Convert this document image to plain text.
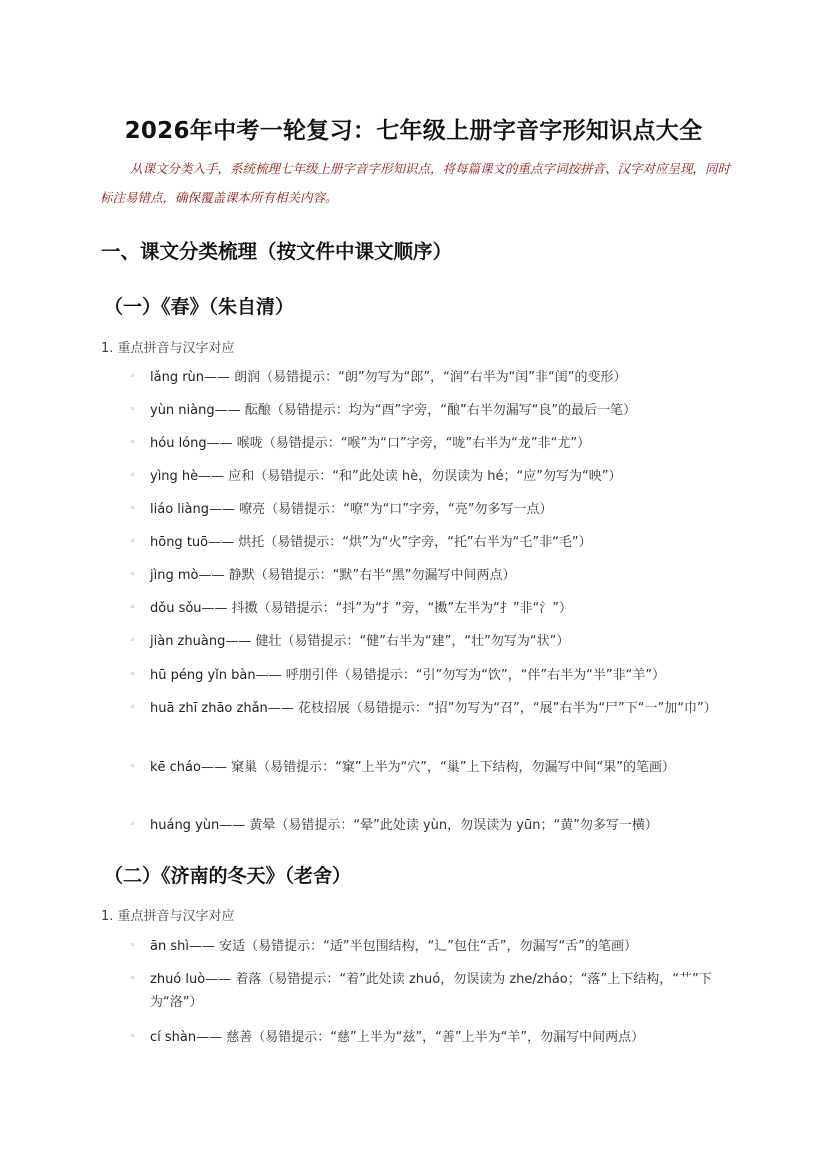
2026年中考一轮复习：七年级上册字音字形知识点大全
从课文分类入手，系统梳理七年级上册字音字形知识点，将每篇课文的重点字词按拼音、汉字对应呈现，同时标注易错点，确保覆盖课本所有相关内容。
一、课文分类梳理（按文件中课文顺序）
（一）《春》（朱自清）
1. 重点拼音与汉字对应
◦ lǎng rùn—— 朗润（易错提示：“朗”勿写为“郎”，“润”右半为“闰”非“闺”的变形）
◦ yùn niàng—— 酝酿（易错提示：均为“酉”字旁，“酿”右半勿漏写“良”的最后一笔）
◦ hóu lóng—— 喉咙（易错提示：“喉”为“口”字旁，“咙”右半为“龙”非“尤”）
◦ yìng hè—— 应和（易错提示：“和”此处读 hè，勿误读为 hé；“应”勿写为“映”）
◦ liáo liàng—— 嘹亮（易错提示：“嘹”为“口”字旁，“亮”勿多写一点）
◦ hōng tuō—— 烘托（易错提示：“烘”为“火”字旁，“托”右半为“乇”非“毛”）
◦ jìng mò—— 静默（易错提示：“默”右半“黑”勿漏写中间两点）
◦ dǒu sǒu—— 抖擞（易错提示：“抖”为“扌”旁，“擞”左半为“扌”非“氵”）
◦ jiàn zhuàng—— 健壮（易错提示：“健”右半为“建”，“壮”勿写为“状”）
◦ hū péng yǐn bàn—— 呼朋引伴（易错提示：“引”勿写为“饮”，“伴”右半为“半”非“羊”）
◦ huā zhī zhāo zhǎn—— 花枝招展（易错提示：“招”勿写为“召”，“展”右半为“尸”下“一”加“巾”）
◦ kē cháo—— 窠巢（易错提示：“窠”上半为“穴”，“巢”上下结构，勿漏写中间“果”的笔画）
◦ huáng yùn—— 黄晕（易错提示：“晕”此处读 yùn，勿误读为 yūn；“黄”勿多写一横）
（二）《济南的冬天》（老舍）
1. 重点拼音与汉字对应
◦ ān shì—— 安适（易错提示：“适”半包围结构，“辶”包住“舌”，勿漏写“舌”的笔画）
◦ zhuó luò—— 着落（易错提示：“着”此处读 zhuó，勿误读为 zhe/zháo；“落”上下结构，“艹”下为“洛”）
◦ cí shàn—— 慈善（易错提示：“慈”上半为“兹”，“善”上半为“羊”，勿漏写中间两点）
